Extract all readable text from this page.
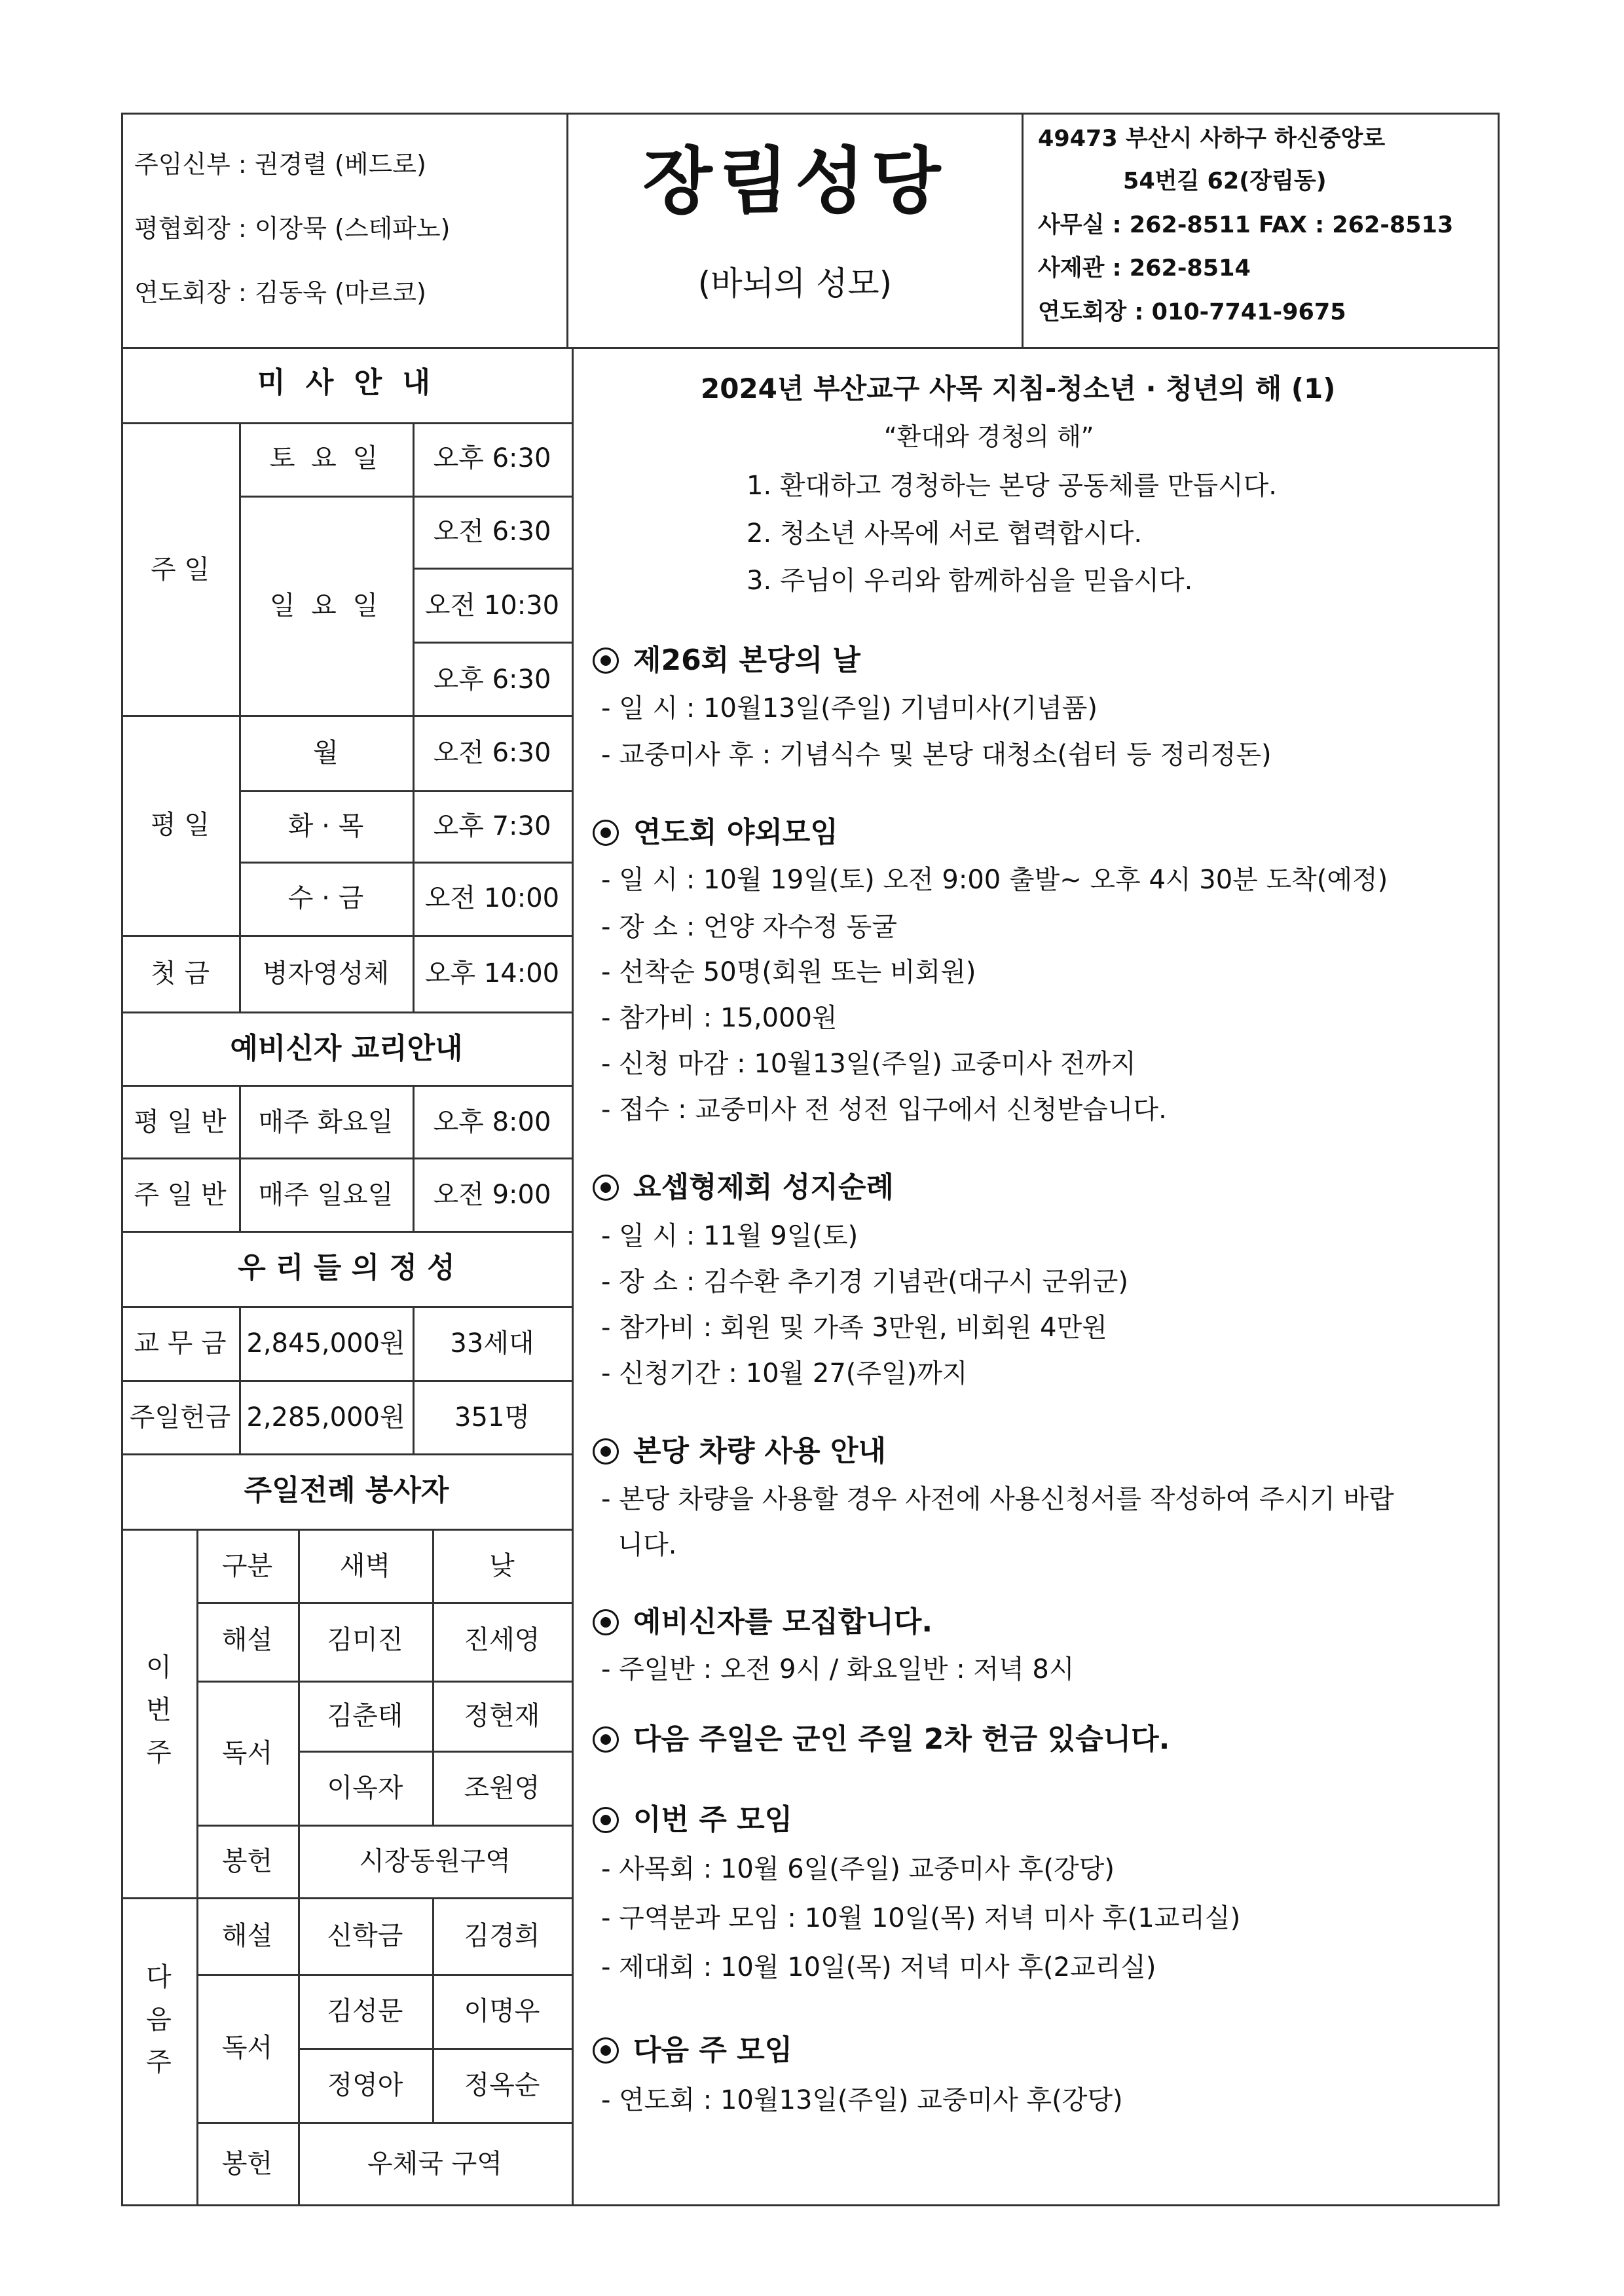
주임신부 : 권경렬 (베드로)
평협회장 : 이장묵 (스테파노)
연도회장 : 김동욱 (마르코)
장림성당
(바뇌의 성모)
49473 부산시 사하구 하신중앙로
54번길 62(장림동)
사무실 : 262-8511 FAX : 262-8513
사제관 : 262-8514
연도회장 : 010-7741-9675
미 사 안 내
주 일
토 요 일	오후 6:30
일 요 일
오전 6:30
오전 10:30
오후 6:30
평 일
월	오전 6:30
화 · 목	오후 7:30
수 · 금	오전 10:00
첫 금	병자영성체	오후 14:00
예비신자 교리안내
평 일 반	매주 화요일	오후 8:00
주 일 반	매주 일요일	오전 9:00
우 리 들 의 정 성
교 무 금 2,845,000원	33세대
주일헌금 2,285,000원	351명
주일전례 봉사자
구분	새벽	낮
이
번
주
해설	김미진	진세영
독서
김춘태	정현재
이옥자	조원영
봉헌	시장동원구역
다
음
주
해설	신학금	김경희
독서
김성문	이명우
정영아	정옥순
봉헌	우체국 구역
2024년 부산교구 사목 지침-청소년 · 청년의 해 (1)
“환대와 경청의 해”
1. 환대하고 경청하는 본당 공동체를 만듭시다.
2. 청소년 사목에 서로 협력합시다.
3. 주님이 우리와 함께하심을 믿읍시다.
제26회 본당의 날
- 일 시 : 10월13일(주일) 기념미사(기념품)
- 교중미사 후 : 기념식수 및 본당 대청소(쉼터 등 정리정돈)
연도회 야외모임
- 일 시 : 10월 19일(토) 오전 9:00 출발~ 오후 4시 30분 도착(예정)
- 장 소 : 언양 자수정 동굴
- 선착순 50명(회원 또는 비회원)
- 참가비 : 15,000원
- 신청 마감 : 10월13일(주일) 교중미사 전까지
- 접수 : 교중미사 전 성전 입구에서 신청받습니다.
요셉형제회 성지순례
- 일 시 : 11월 9일(토)
- 장 소 : 김수환 추기경 기념관(대구시 군위군)
- 참가비 : 회원 및 가족 3만원, 비회원 4만원
- 신청기간 : 10월 27(주일)까지
본당 차량 사용 안내
- 본당 차량을 사용할 경우 사전에 사용신청서를 작성하여 주시기 바랍
니다.
예비신자를 모집합니다.
- 주일반 : 오전 9시 / 화요일반 : 저녁 8시
다음 주일은 군인 주일 2차 헌금 있습니다.
이번 주 모임
- 사목회 : 10월 6일(주일) 교중미사 후(강당)
- 구역분과 모임 : 10월 10일(목) 저녁 미사 후(1교리실)
- 제대회 : 10월 10일(목) 저녁 미사 후(2교리실)
다음 주 모임
- 연도회 : 10월13일(주일) 교중미사 후(강당)
